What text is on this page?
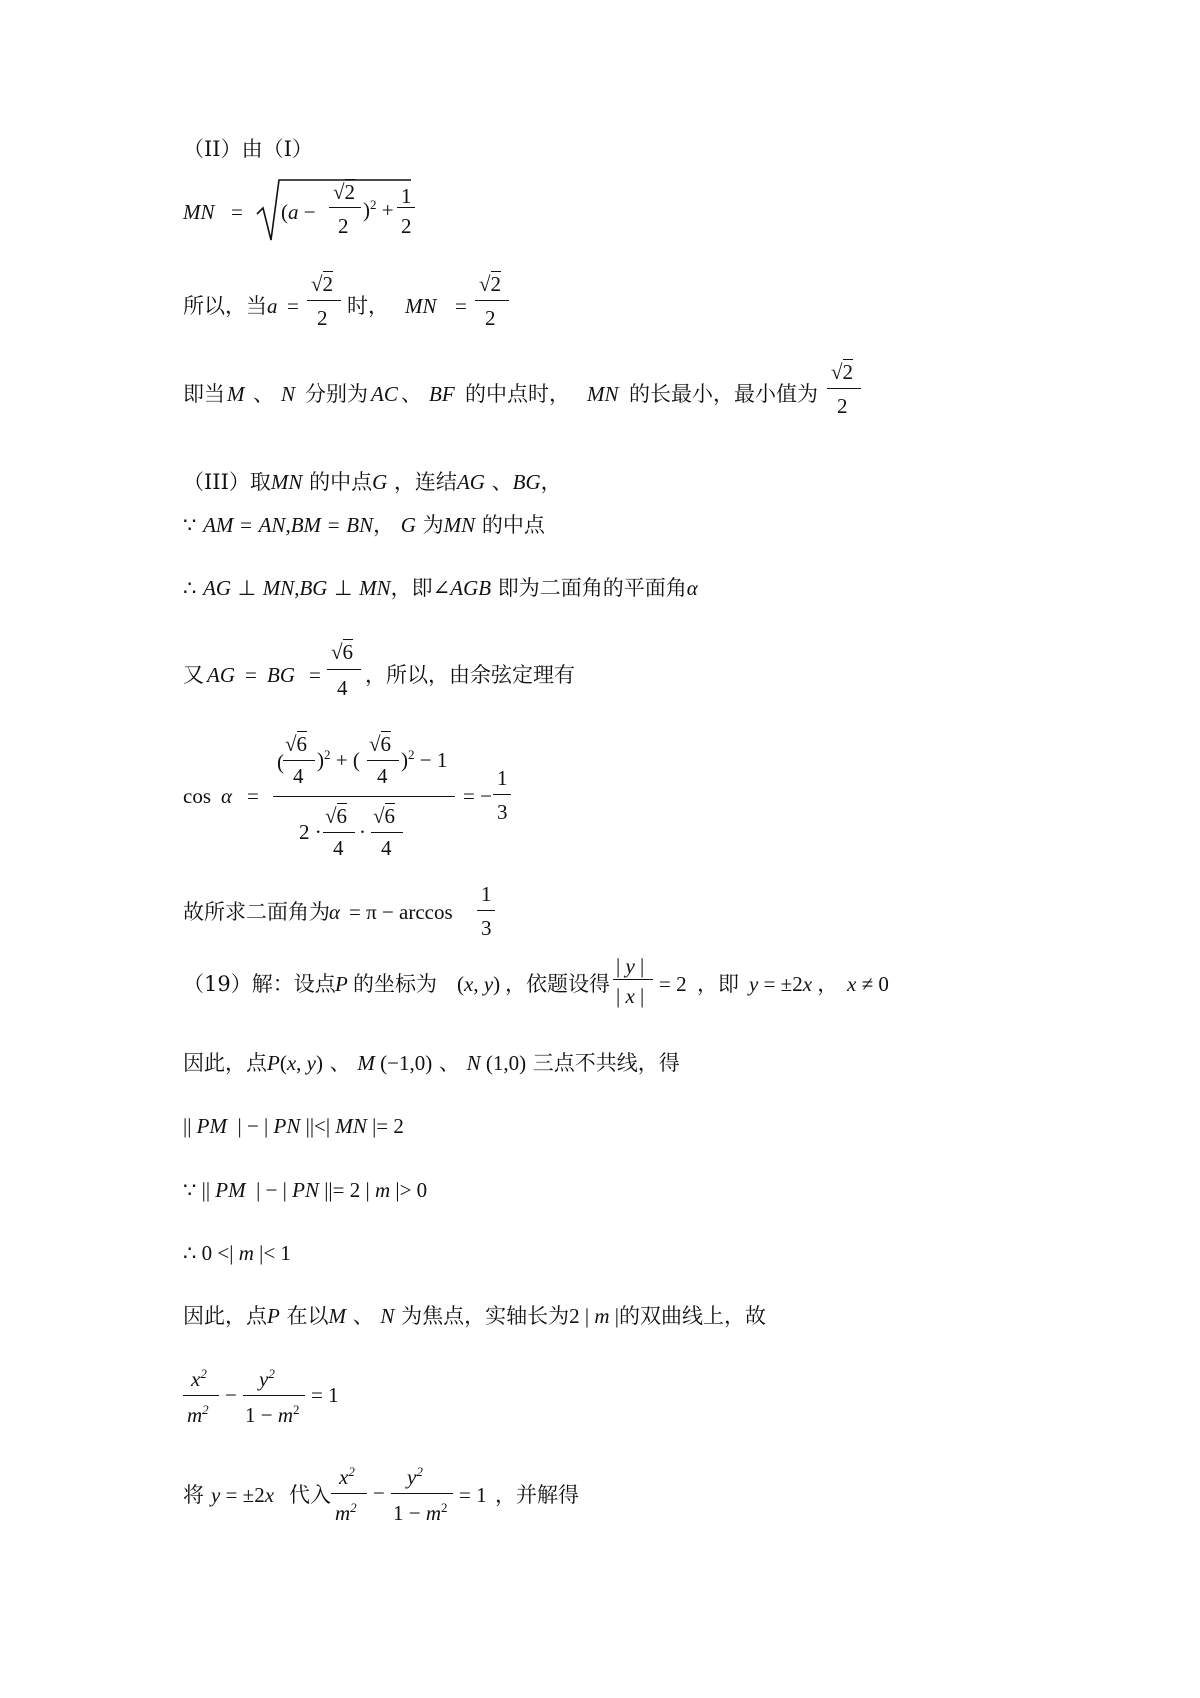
（II）由（I）
MN = (a −
√2
2
)$^2$ +
1
2
所以，当 a =
√2
2 时， MN =
√2
2
即当 M 、 N 分别为 AC 、 BF 的中点时， MN 的长最小，最小值为
√2
2
（III）取MN 的中点G ，连结AG 、BG，
∵ AM = AN,BM = BN， G 为MN 的中点
∴ AG ⊥ MN,BG ⊥ MN，即∠AGB 即为二面角的平面角α
又 AG = BG =
√6
4
，所以，由余弦定理有
cos α =
(
√6
4
)$^2$ + (
√6
4
)$^2$ − 1
2 ·
√6
4
·
√6
4
= −
1
3
故所求二面角为 α = π − arccos
1
3
（19）解：设点 P 的坐标为 (x, y) ，依题设得
| y |
| x | = 2 ，即 y = ±2x ， x ≠ 0
因此，点P(x, y) 、 M (−1,0) 、 N (1,0) 三点不共线，得
|| PM  | − | PN ||<| MN |= 2
∵ || PM  | − | PN ||= 2 | m |> 0
∴ 0 <| m |< 1
因此，点P 在以M 、 N 为焦点，实轴长为2 | m |的双曲线上，故
$x^2$
$m^2$
−
$y^2$
$1 - m^2$
= 1
将 y = ±2x 代入
$x^2$
$m^2$
−
$y^2$
$1 - m^2$
= 1 ，并解得
